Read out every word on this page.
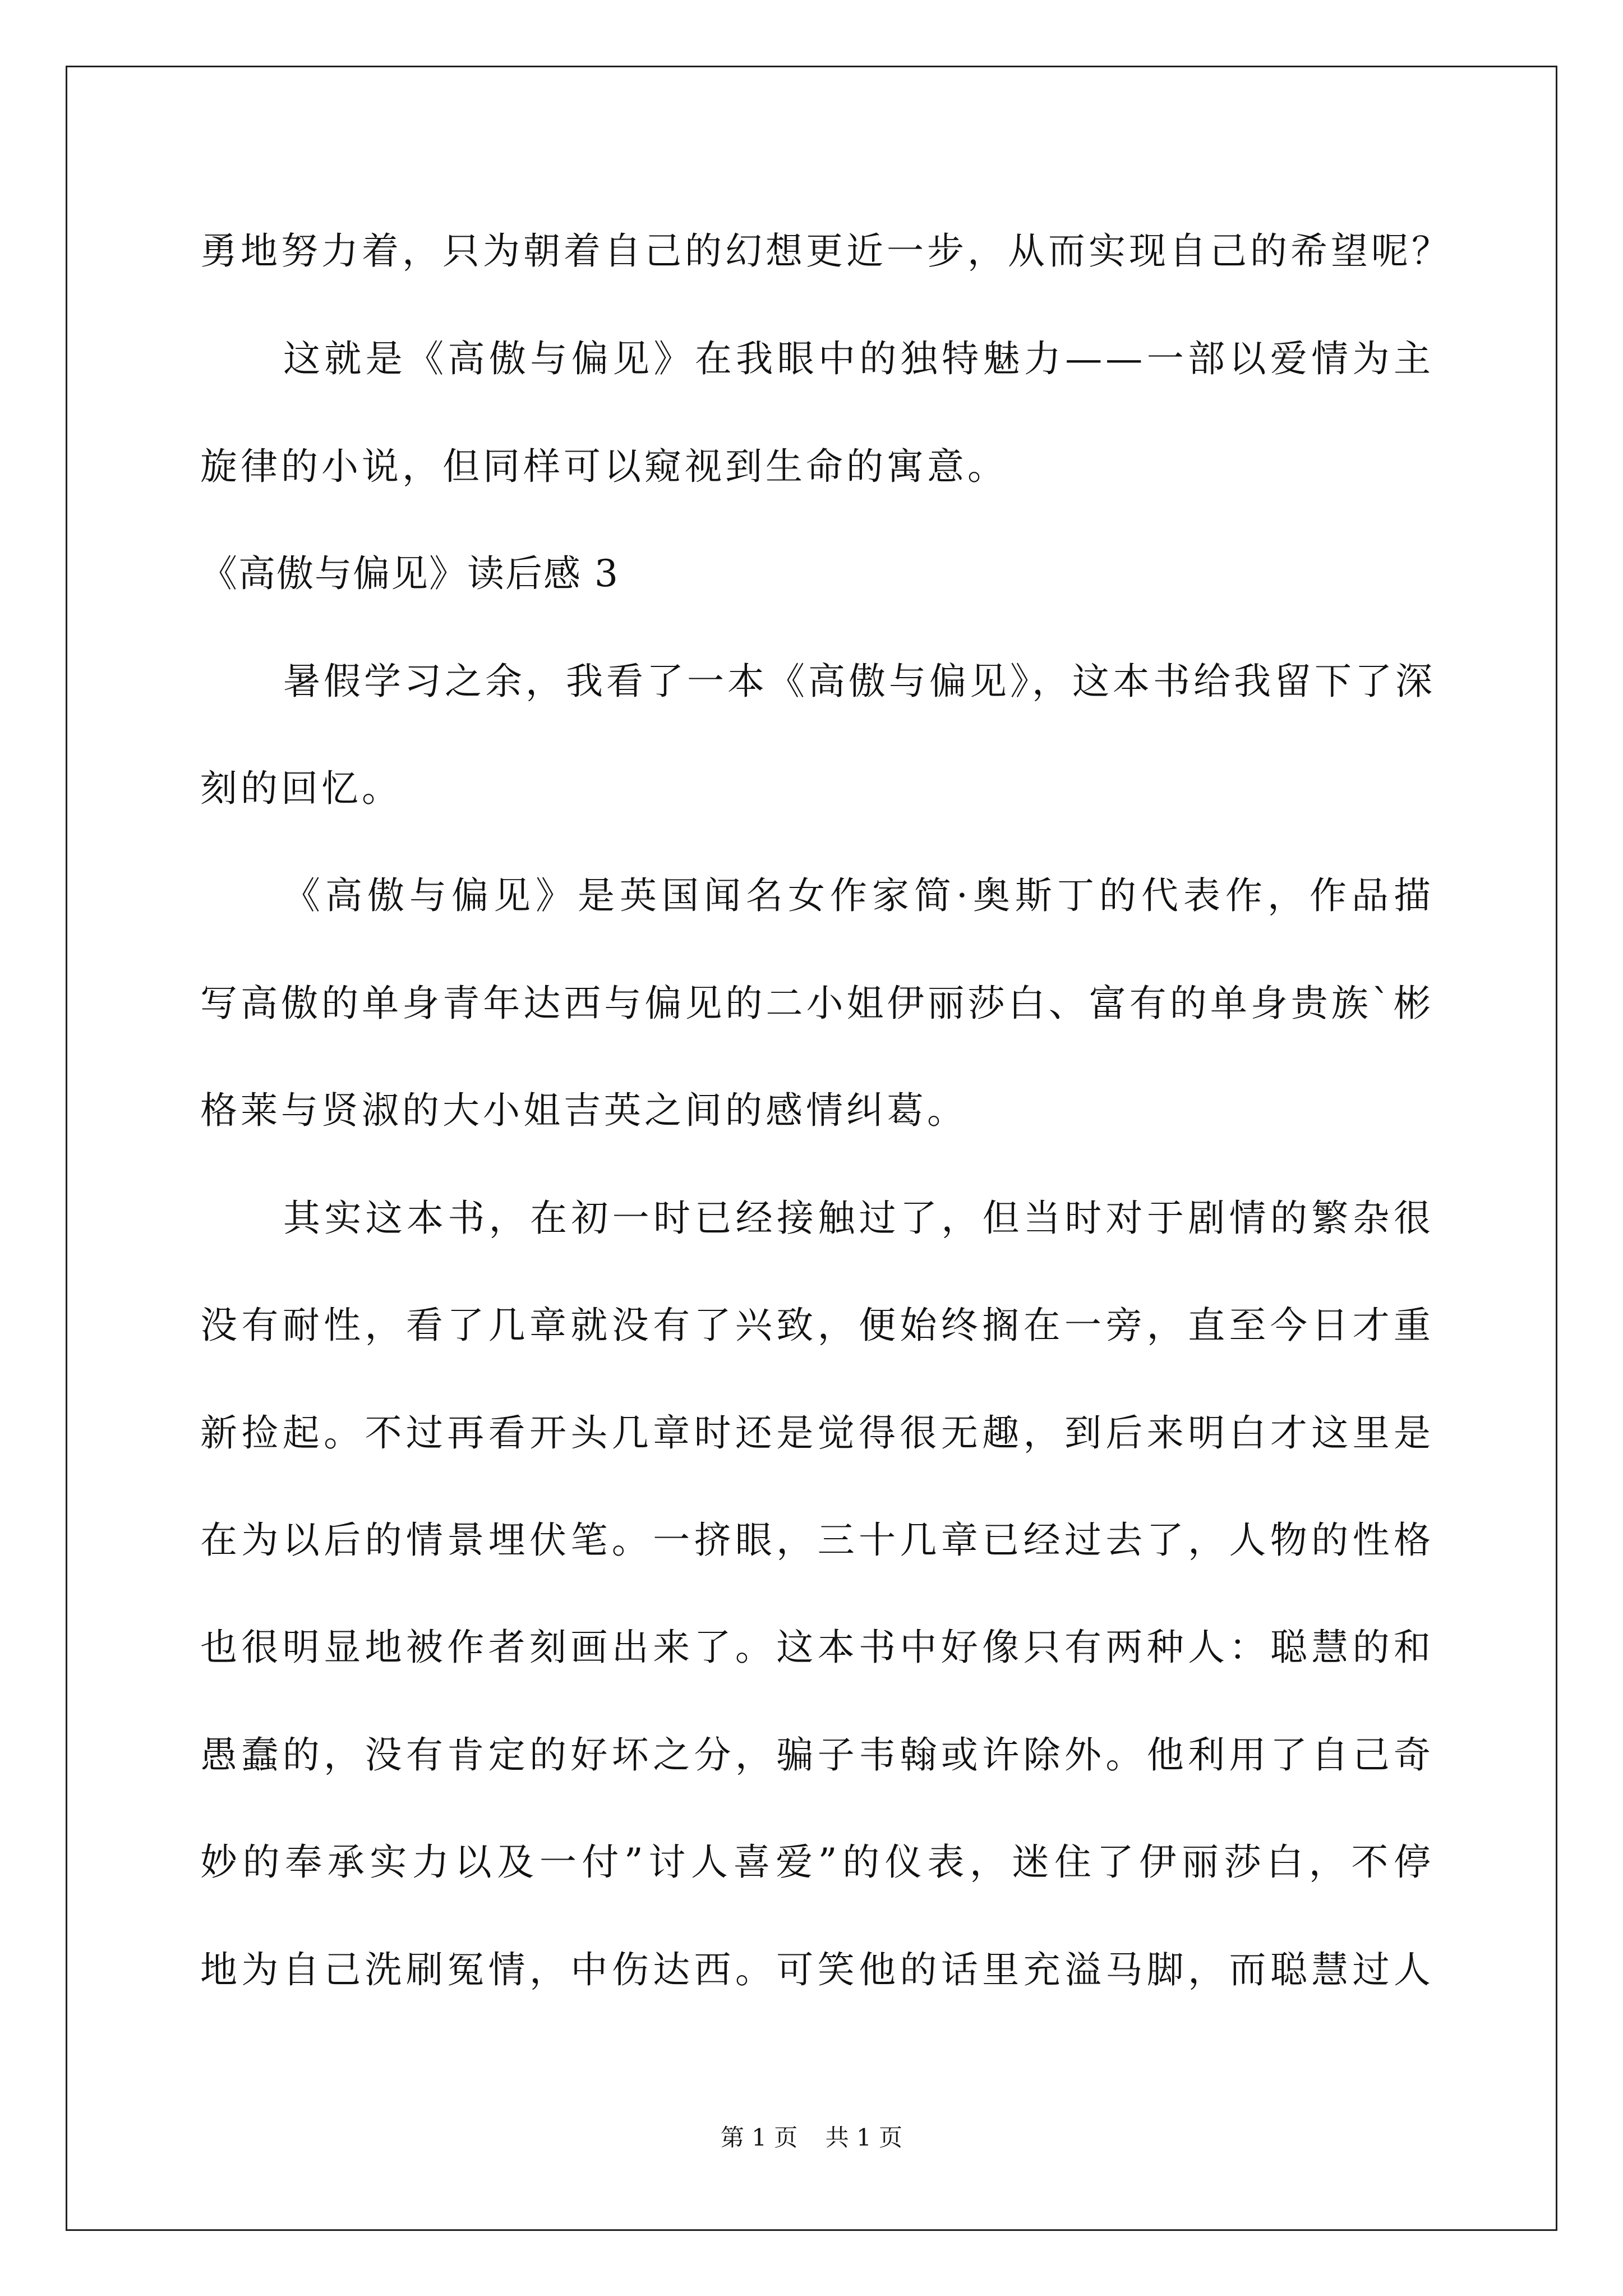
勇地努力着，只为朝着自己的幻想更近一步，从而实现自己的希望呢？
这就是《高傲与偏见》在我眼中的独特魅力——一部以爱情为主
旋律的小说，但同样可以窥视到生命的寓意。
《高傲与偏见》读后感 3
暑假学习之余，我看了一本《高傲与偏见》，这本书给我留下了深
刻的回忆。
《高傲与偏见》是英国闻名女作家简·奥斯丁的代表作，作品描
写高傲的单身青年达西与偏见的二小姐伊丽莎白、富有的单身贵族`彬
格莱与贤淑的大小姐吉英之间的感情纠葛。
其实这本书，在初一时已经接触过了，但当时对于剧情的繁杂很
没有耐性，看了几章就没有了兴致，便始终搁在一旁，直至今日才重
新捡起。不过再看开头几章时还是觉得很无趣，到后来明白才这里是
在为以后的情景埋伏笔。一挤眼，三十几章已经过去了，人物的性格
也很明显地被作者刻画出来了。这本书中好像只有两种人：聪慧的和
愚蠢的，没有肯定的好坏之分，骗子韦翰或许除外。他利用了自己奇
妙的奉承实力以及一付”讨人喜爱”的仪表，迷住了伊丽莎白，不停
地为自己洗刷冤情，中伤达西。可笑他的话里充溢马脚，而聪慧过人
第 1 页 共 1 页
